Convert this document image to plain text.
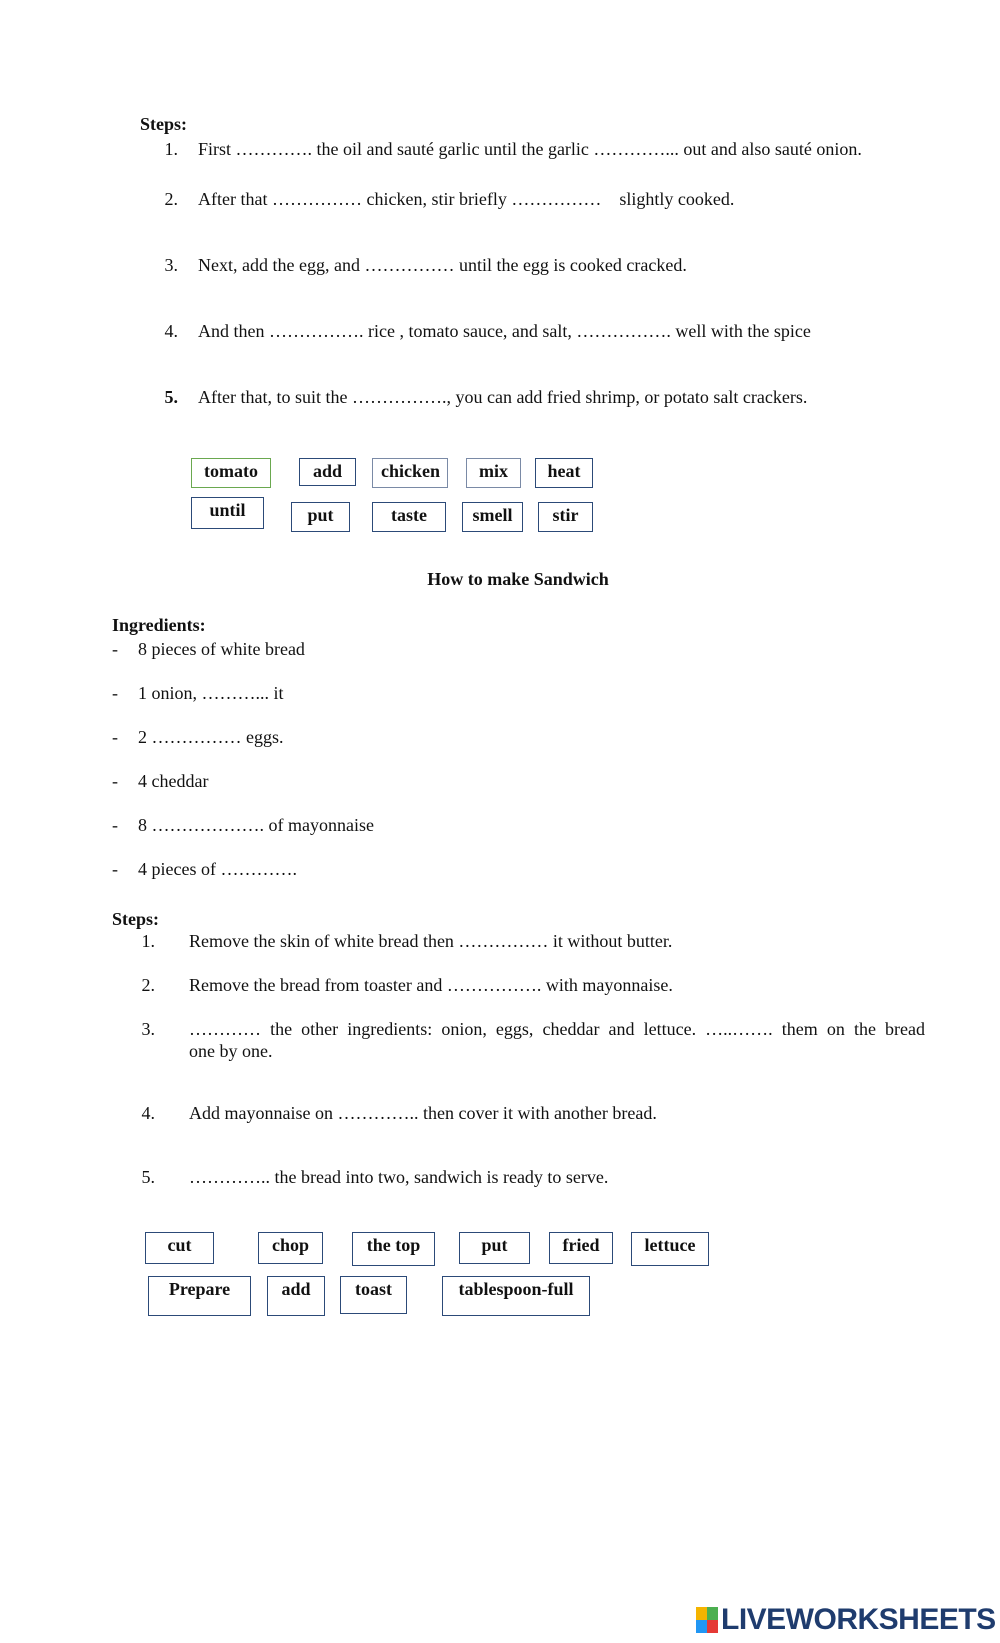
Steps:
1. First …………. the oil and sauté garlic until the garlic …………... out and also sauté onion.
2. After that …………… chicken, stir briefly ……………    slightly cooked.
3. Next, add the egg, and …………… until the egg is cooked cracked.
4. And then ……………. rice , tomato sauce, and salt, ……………. well with the spice
5. After that, to suit the ……………., you can add fried shrimp, or potato salt crackers.
tomato	add	chicken	mix	heat
until	put	taste	smell	stir
How to make Sandwich
Ingredients:
- 8 pieces of white bread
- 1 onion, ………... it
- 2 …………… eggs.
- 4 cheddar
- 8 ………………. of mayonnaise
- 4 pieces of ………….
Steps:
1. Remove the skin of white bread then …………… it without butter.
2. Remove the bread from toaster and ……………. with mayonnaise.
3. ………… the other ingredients: onion, eggs, cheddar and lettuce. …..……. them on the bread
one by one.
4. Add mayonnaise on ………….. then cover it with another bread.
5. ………….. the bread into two, sandwich is ready to serve.
cut	chop	the top	put	fried	lettuce
Prepare	add	toast	tablespoon-full
LIVEWORKSHEETS
